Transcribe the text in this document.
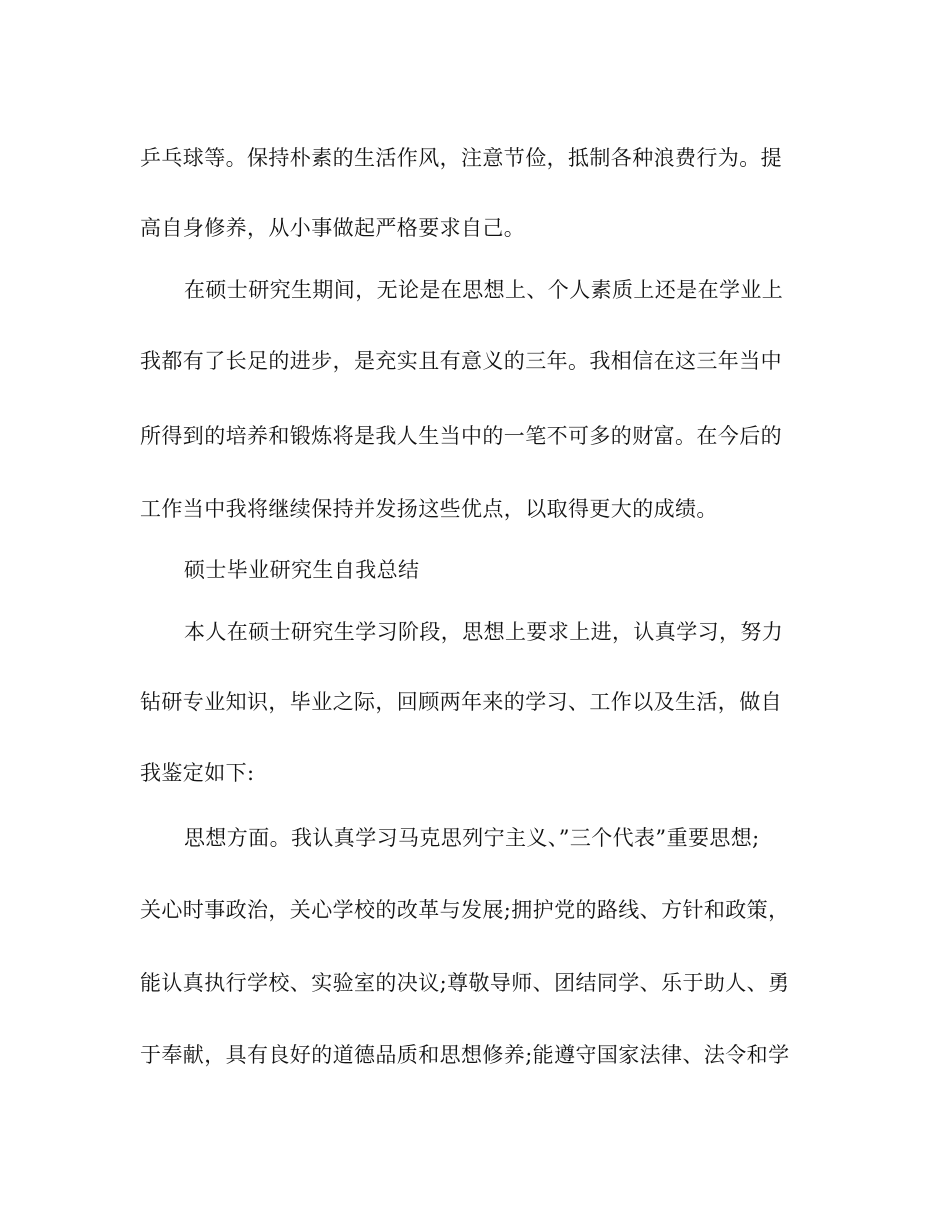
乒乓球等。保持朴素的生活作风，注意节俭，抵制各种浪费行为。提
高自身修养，从小事做起严格要求自己。
在硕士研究生期间，无论是在思想上、个人素质上还是在学业上
我都有了长足的进步，是充实且有意义的三年。我相信在这三年当中
所得到的培养和锻炼将是我人生当中的一笔不可多的财富。在今后的
工作当中我将继续保持并发扬这些优点，以取得更大的成绩。
硕士毕业研究生自我总结
本人在硕士研究生学习阶段，思想上要求上进，认真学习，努力
钻研专业知识，毕业之际，回顾两年来的学习、工作以及生活，做自
我鉴定如下:
思想方面。我认真学习马克思列宁主义、”三个代表”重要思想;
关心时事政治，关心学校的改革与发展;拥护党的路线、方针和政策，
能认真执行学校、实验室的决议;尊敬导师、团结同学、乐于助人、勇
于奉献，具有良好的道德品质和思想修养;能遵守国家法律、法令和学
